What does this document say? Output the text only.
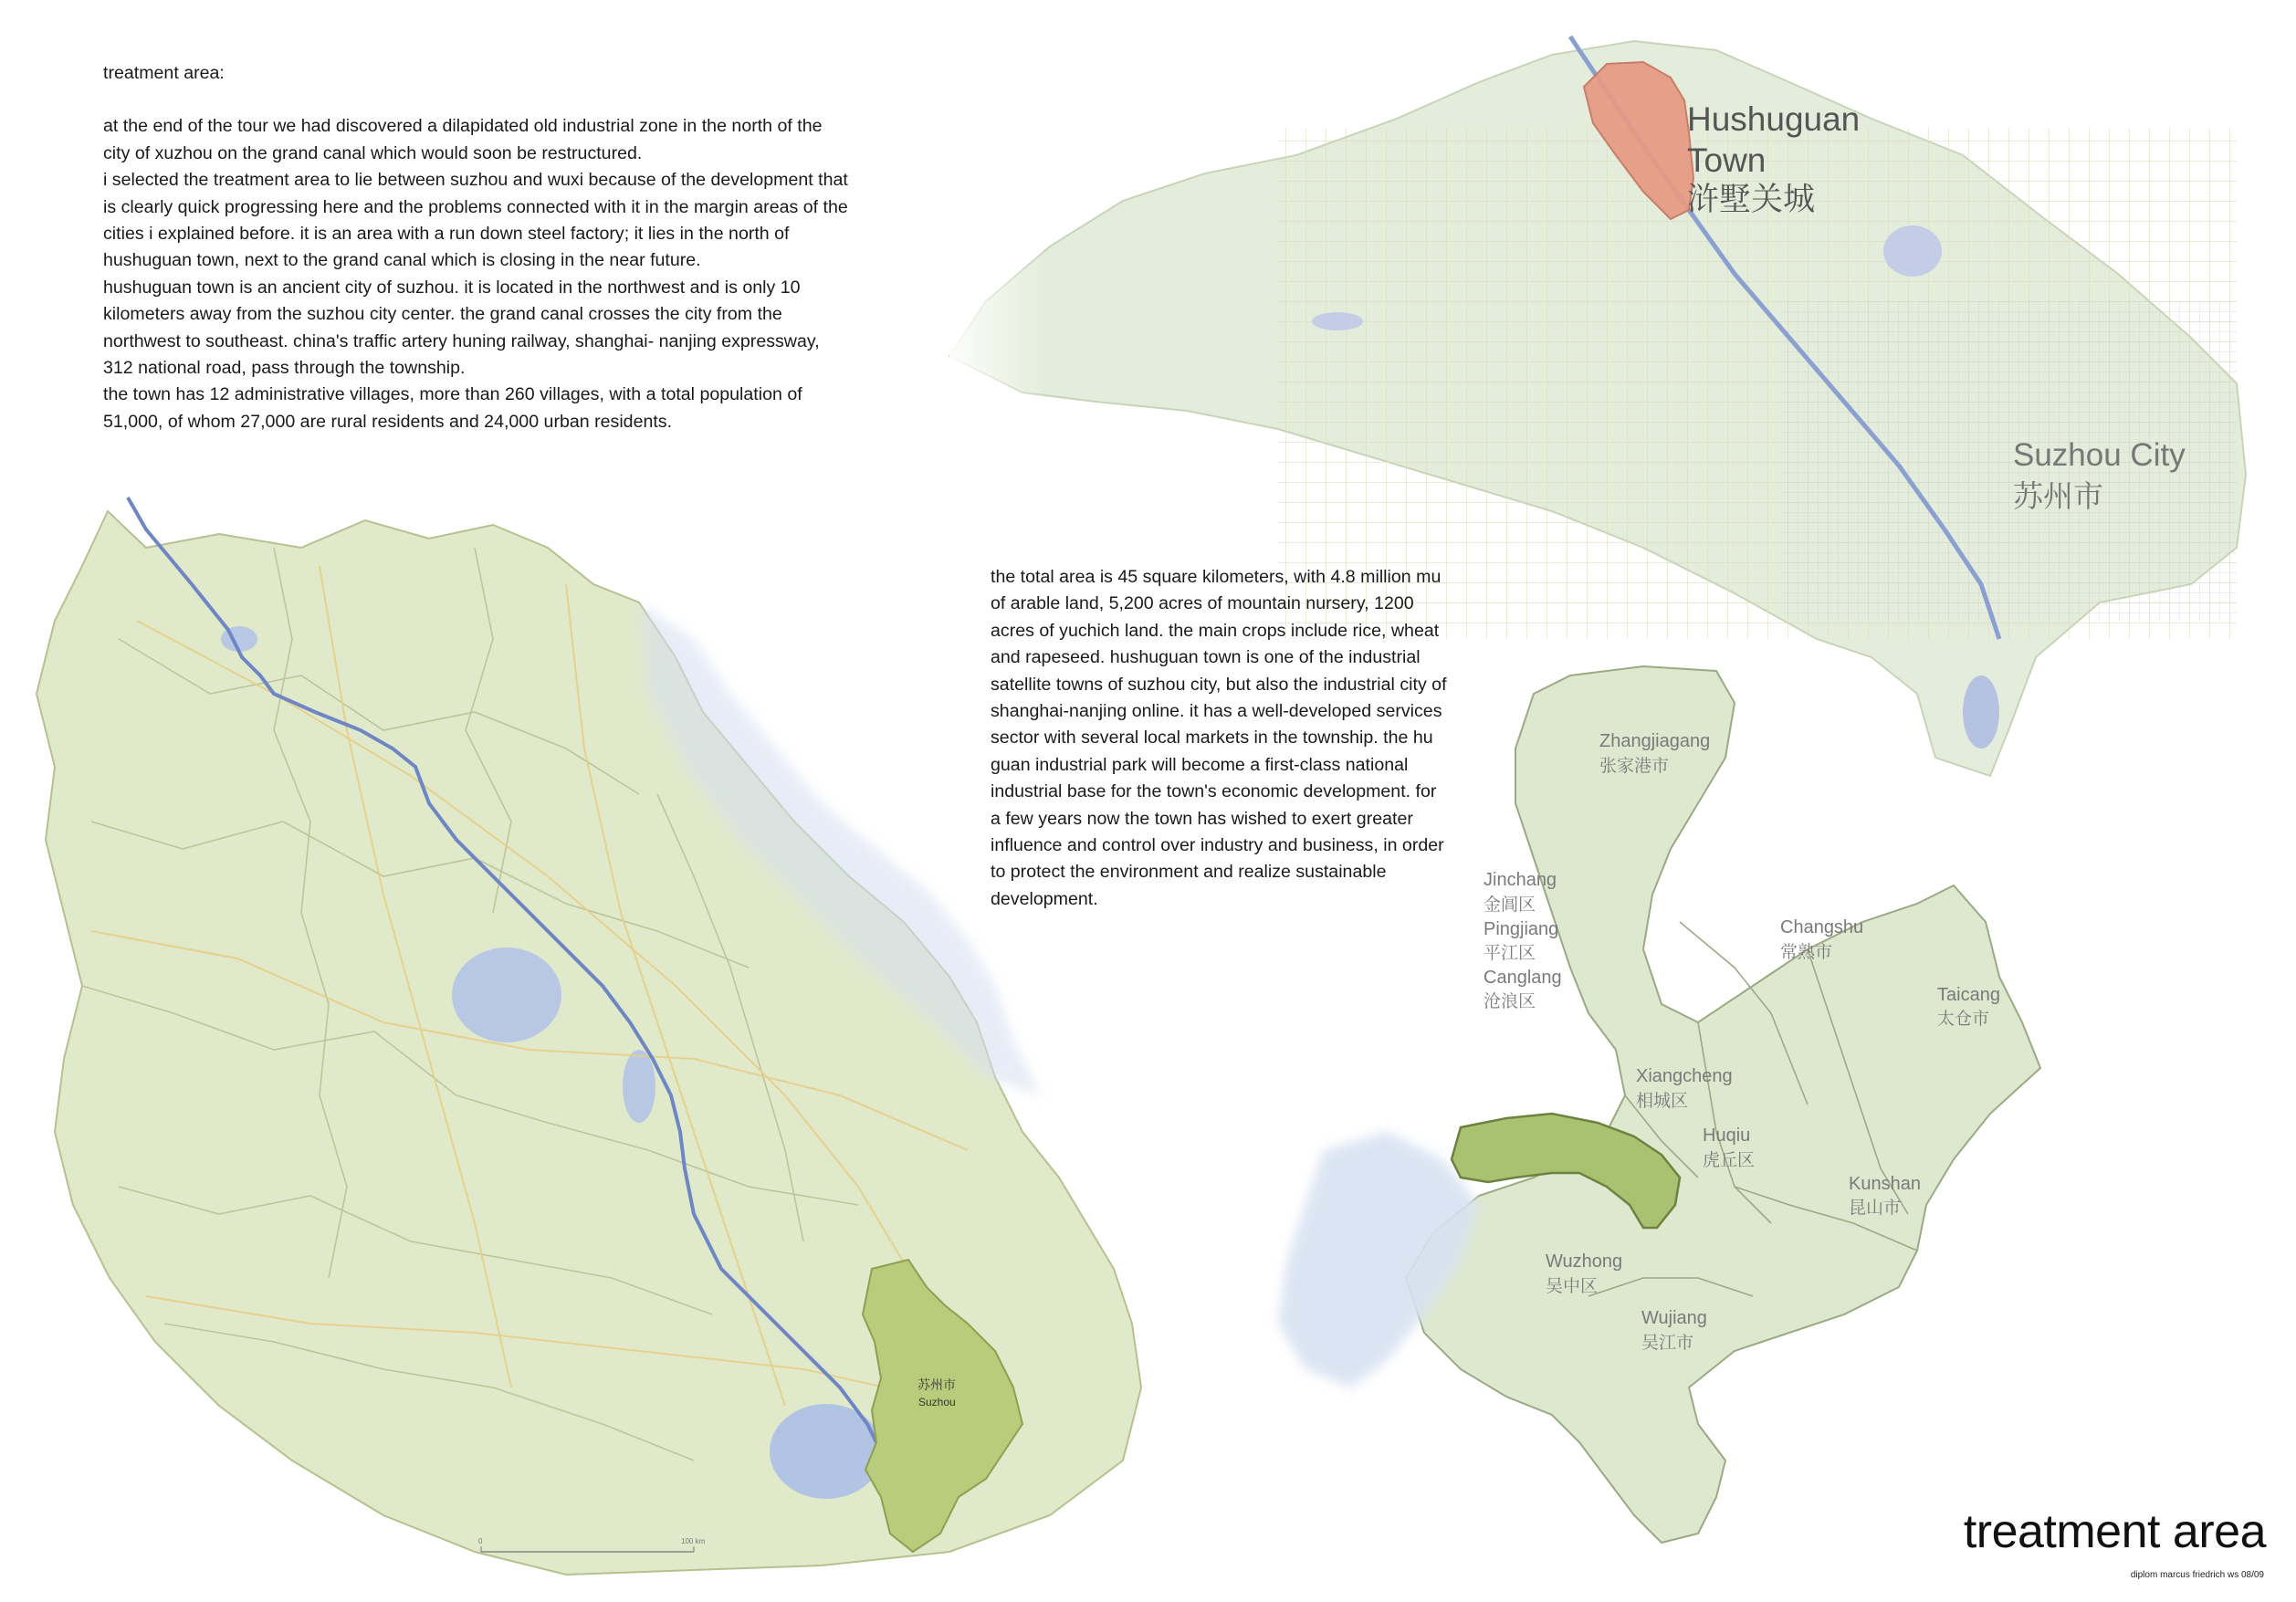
苏州市
Suzhou
0	100 km
Hushuguan
Town
浒墅关城
Suzhou City
苏州市
Zhangjiagang
张家港市
Jinchang
金阊区
Pingjiang
平江区
Canglang
沧浪区
Changshu
常熟市
Taicang
太仓市
Xiangcheng
相城区
Huqiu
虎丘区
Kunshan
昆山市
Wuzhong
吴中区
Wujiang
吴江市

treatment area:

at the end of the tour we had discovered a dilapidated old industrial zone in the north of the city of xuzhou on the grand canal which would soon be restructured.

i selected the treatment area to lie between suzhou and wuxi because of the development that is clearly quick progressing here and the problems connected with it in the margin areas of the cities i explained before. it is an area with a run down steel factory; it lies in the north of hushuguan town, next to the grand canal which is closing in the near future.

hushuguan town is an ancient city of suzhou. it is located in the northwest and is only 10 kilometers away from the suzhou city center. the grand canal crosses the city from the northwest to southeast. china's traffic artery huning railway, shanghai- nanjing expressway, 312 national road, pass through the township.

the town has 12 administrative villages, more than 260 villages, with a total population of 51,000, of whom 27,000 are rural residents and 24,000 urban residents.

the total area is 45 square kilometers, with 4.8 million mu of arable land, 5,200 acres of mountain nursery, 1200 acres of yuchich land. the main crops include rice, wheat and rapeseed. hushuguan town is one of the industrial satellite towns of suzhou city, but also the industrial city of shanghai-nanjing online. it has a well-developed services sector with several local markets in the township. the hu guan industrial park will become a first-class national industrial base for the town's economic development. for a few years now the town has wished to exert greater influence and control over industry and business, in order to protect the environment and realize sustainable development.
treatment area
diplom marcus friedrich ws 08/09
